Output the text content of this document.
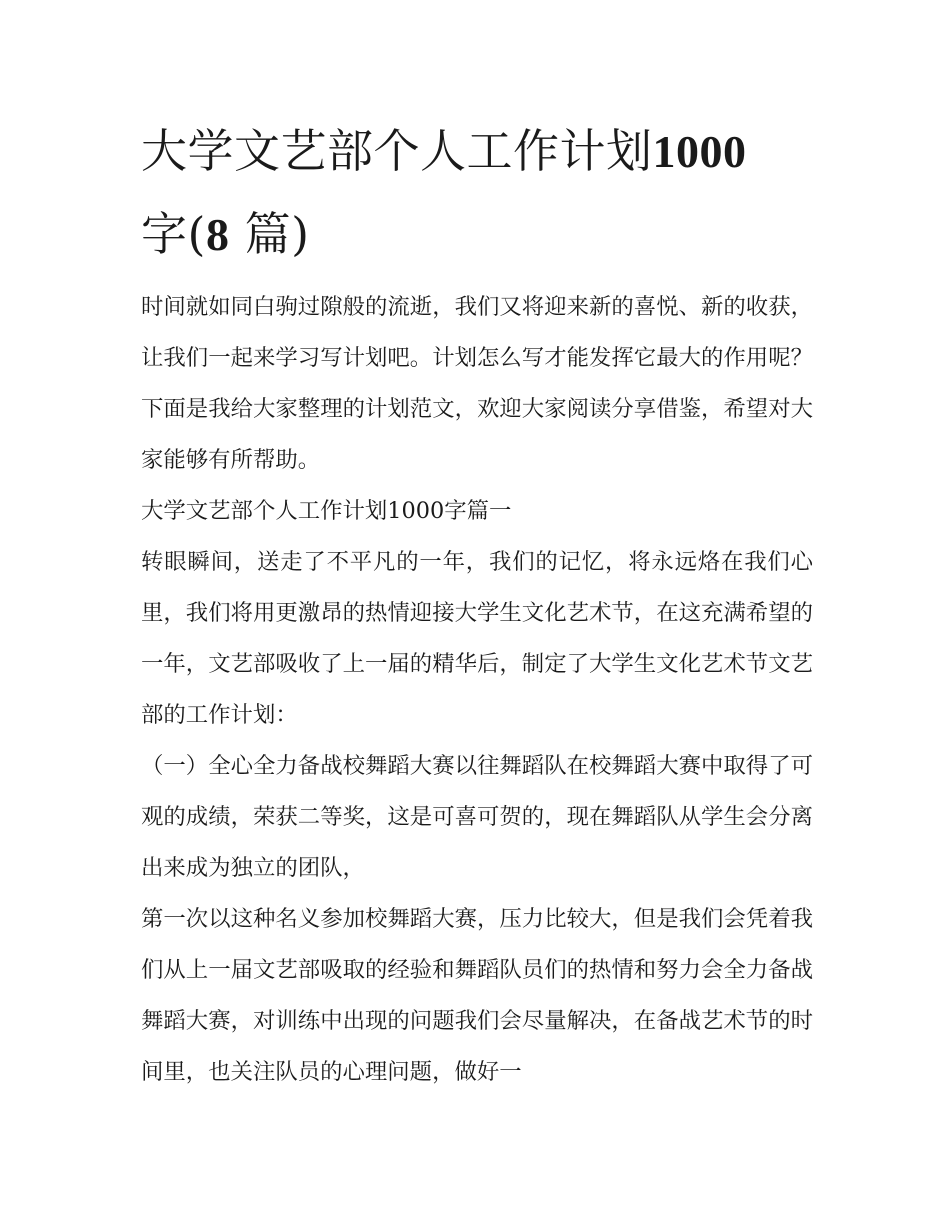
大学文艺部个人工作计划1000
字(8 篇)

时间就如同白驹过隙般的流逝，我们又将迎来新的喜悦、新的收获，让我们一起来学习写计划吧。计划怎么写才能发挥它最大的作用呢？下面是我给大家整理的计划范文，欢迎大家阅读分享借鉴，希望对大家能够有所帮助。

大学文艺部个人工作计划1000字篇一

转眼瞬间，送走了不平凡的一年，我们的记忆，将永远烙在我们心里，我们将用更激昂的热情迎接大学生文化艺术节，在这充满希望的一年，文艺部吸收了上一届的精华后，制定了大学生文化艺术节文艺部的工作计划：

（一）全心全力备战校舞蹈大赛以往舞蹈队在校舞蹈大赛中取得了可观的成绩，荣获二等奖，这是可喜可贺的，现在舞蹈队从学生会分离出来成为独立的团队，

第一次以这种名义参加校舞蹈大赛，压力比较大，但是我们会凭着我们从上一届文艺部吸取的经验和舞蹈队员们的热情和努力会全力备战舞蹈大赛，对训练中出现的问题我们会尽量解决，在备战艺术节的时间里，也关注队员的心理问题，做好一
